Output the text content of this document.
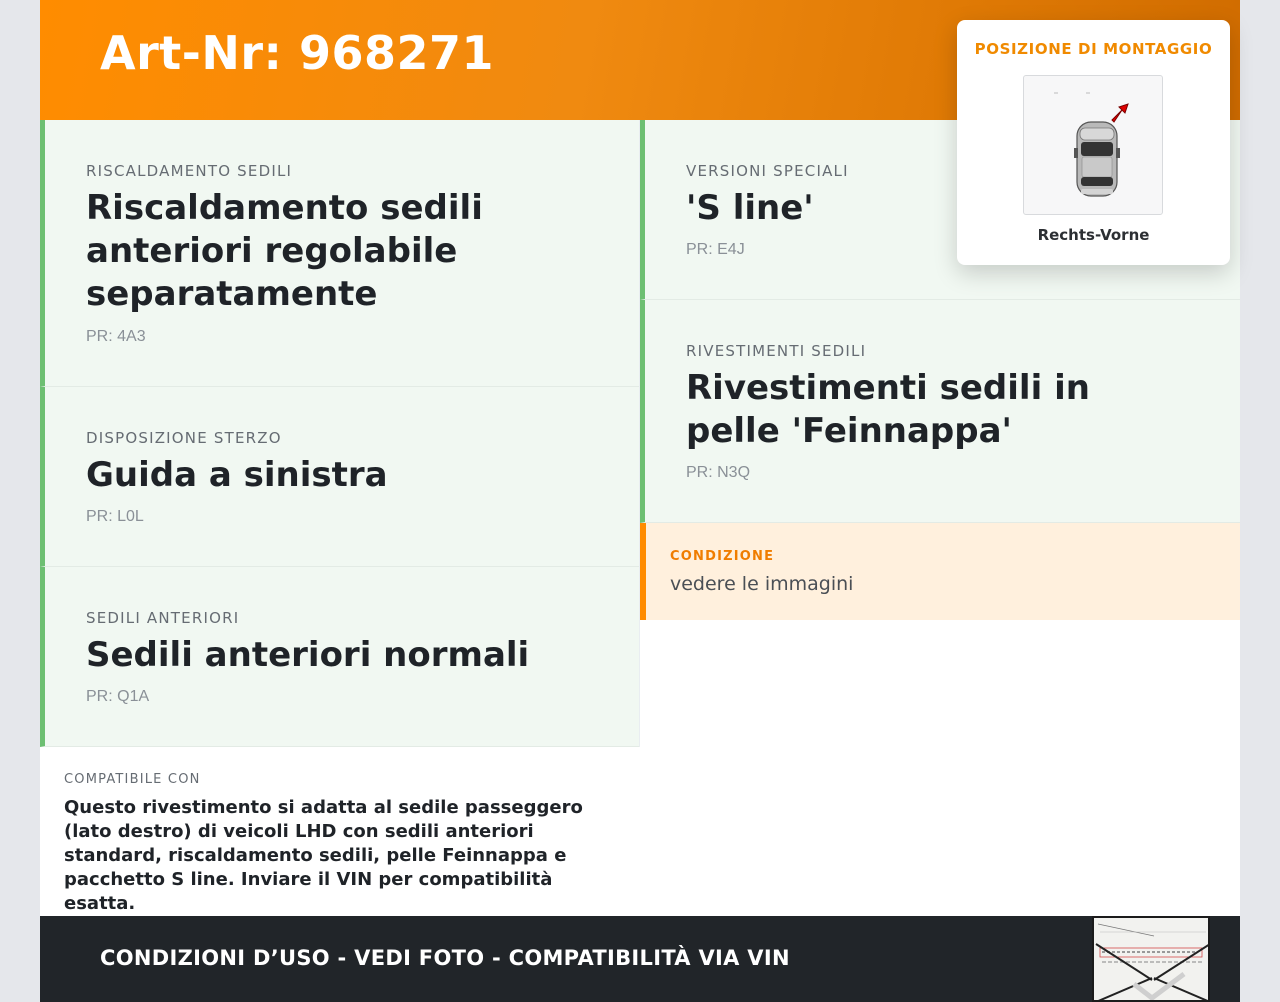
Art-Nr: 968271
RISCALDAMENTO SEDILI
Riscaldamento sedili anteriori regolabile separatamente
PR: 4A3
DISPOSIZIONE STERZO
Guida a sinistra
PR: L0L
SEDILI ANTERIORI
Sedili anteriori normali
PR: Q1A
COMPATIBILE CON
Questo rivestimento si adatta al sedile passeggero (lato destro) di veicoli LHD con sedili anteriori standard, riscaldamento sedili, pelle Feinnappa e pacchetto S line. Inviare il VIN per compatibilità esatta.
VERSIONI SPECIALI
'S line'
PR: E4J
RIVESTIMENTI SEDILI
Rivestimenti sedili in pelle 'Feinnappa'
PR: N3Q
CONDIZIONE
vedere le immagini
CONDIZIONI D’USO - VEDI FOTO - COMPATIBILITÀ VIA VIN
POSIZIONE DI MONTAGGIO
Rechts-Vorne
